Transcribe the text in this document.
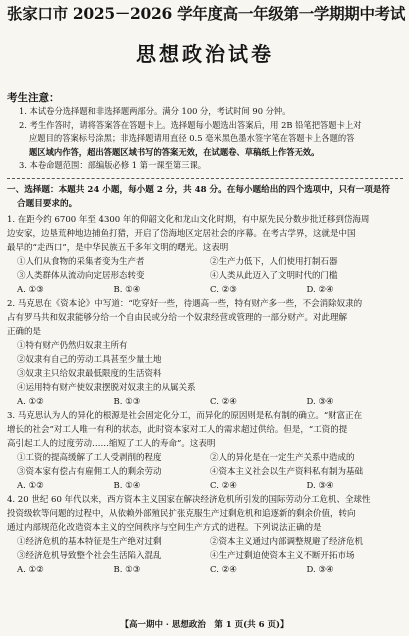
张家口市 2025－2026 学年度高一年级第一学期期中考试
思想政治试卷
考生注意：
1. 本试卷分选择题和非选择题两部分。满分 100 分，考试时间 90 分钟。
2. 考生作答时，请将答案答在答题卡上。选择题每小题选出答案后，用 2B 铅笔把答题卡上对
应题目的答案标号涂黑；非选择题请用直径 0.5 毫米黑色墨水签字笔在答题卡上各题的答
题区域内作答，超出答题区域书写的答案无效，在试题卷、草稿纸上作答无效。
3. 本卷命题范围：部编版必修 1 第一课至第三课。
一、选择题：本题共 24 小题，每小题 2 分，共 48 分。在每小题给出的四个选项中，只有一项是符
合题目要求的。
1. 在距今约 6700 年至 4300 年的仰韶文化和龙山文化时期，有中原先民分数步批迁移到岱海周
边安家，边垦荒种地边捕鱼打猎，开启了岱海地区定居社会的序幕。在考古学界，这就是中国
最早的“走西口”，是中华民族五千多年文明的曙光。这表明
①人们从食物的采集者变为生产者	②生产力低下，人们使用打制石器
③人类群体从流动向定居形态转变	④人类从此迈入了文明时代的门槛
A. ①③	B. ①④	C. ②③	D. ②④
2. 马克思在《资本论》中写道：“吃穿好一些，待遇高一些，特有财产多一些，不会消除奴隶的
占有罗马共和奴隶能够分给一个自由民或分给一个奴隶经营或管理的一部分财产。对此理解
正确的是
①特有财产仍然归奴隶主所有
②奴隶有自己的劳动工具甚至少量土地
③奴隶主只给奴隶最低限度的生活资料
④运用特有财产使奴隶摆脱对奴隶主的从属关系
A. ①②	B. ①③	C. ②④	D. ③④
3. 马克思认为人的异化的根源是社会固定化分工，而异化的原因则是私有制的确立。“财富正在
增长的社会”对工人唯一有利的状态，此时资本家对工人的需求超过供给。但是，“工资的提
高引起工人的过度劳动……缩短了工人的寿命”。这表明
①工资的提高缓解了工人受剥削的程度	②人的异化是在一定生产关系中造成的
③资本家有偿占有雇佣工人的剩余劳动	④资本主义社会以生产资料私有制为基础
A. ①②	B. ①④	C. ②④	D. ③④
4. 20 世纪 60 年代以来，西方资本主义国家在解决经济危机所引发的国际劳动分工危机、全球性
投资级软等问题的过程中，从依赖外部殖民扩张克服生产过剩危机和追逐新的剩余价值，转向
通过内部规范化改造资本主义的空间秩序与空间生产方式的进程。下列说法正确的是
①经济危机的基本特征是生产绝对过剩	②资本主义通过内部调整规避了经济危机
③经济危机导致整个社会生活陷入混乱	④生产过剩迫使资本主义不断开拓市场
A. ①②	B. ①③	C. ②④	D. ③④
【高一期中 · 思想政治　第 1 页(共 6 页)】
